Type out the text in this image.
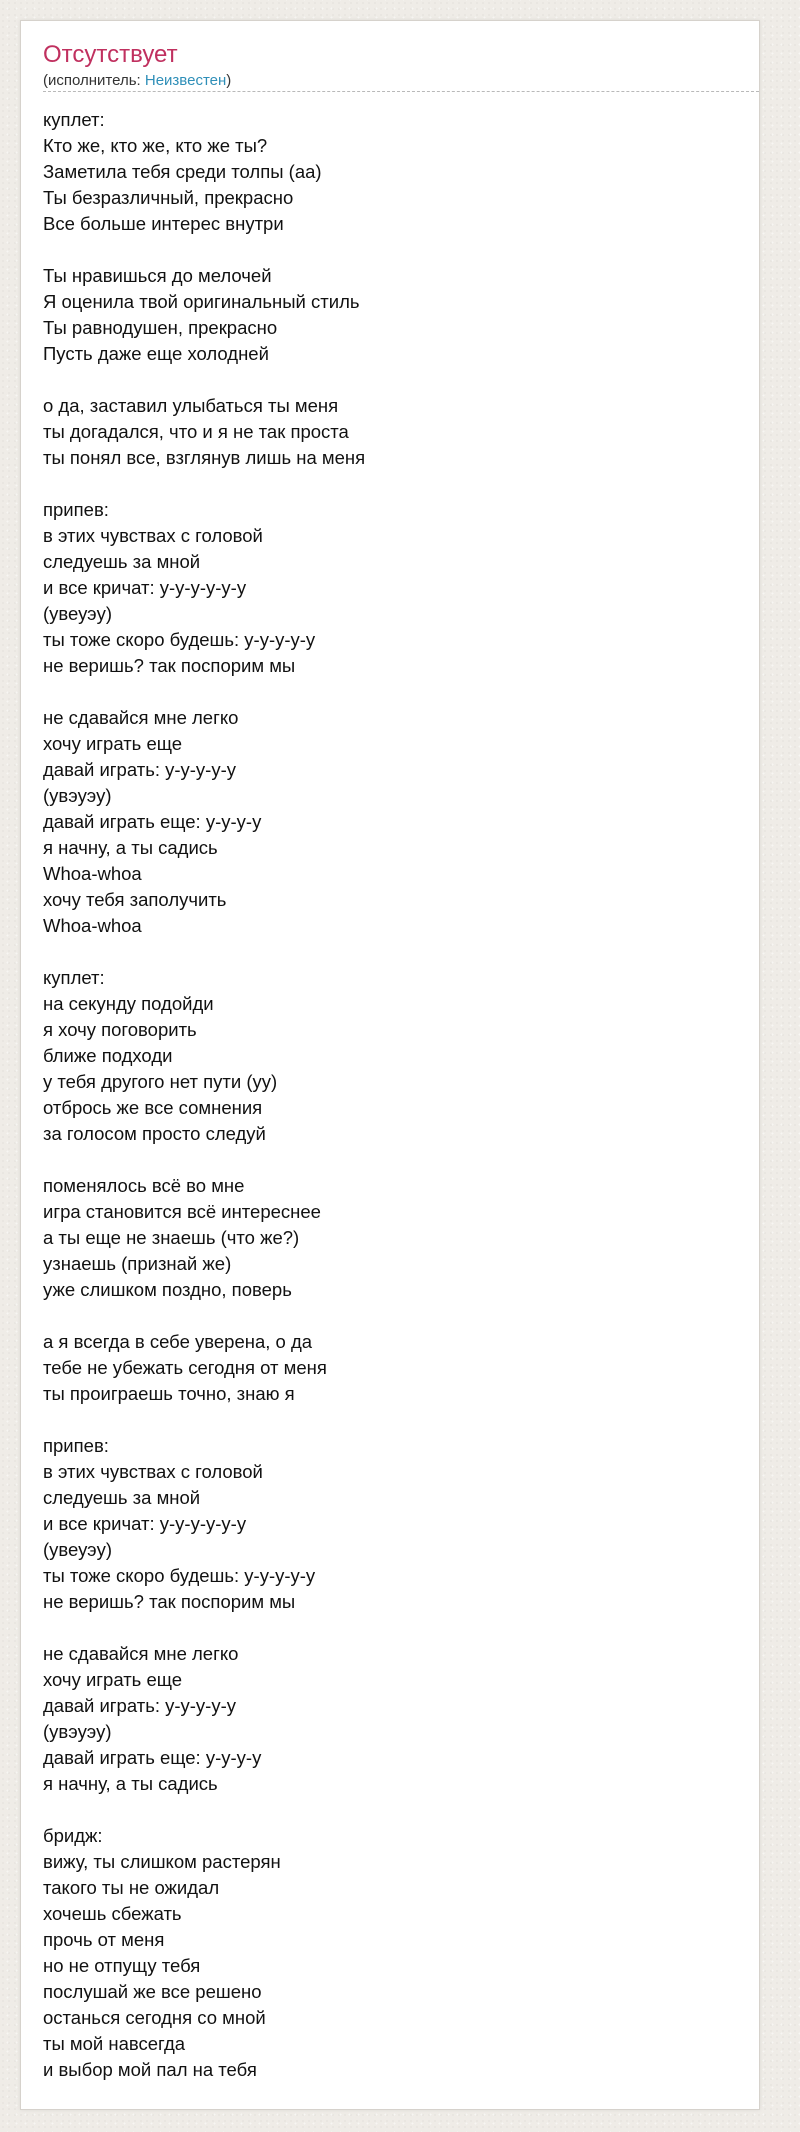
Отсутствует
(исполнитель: Неизвестен)
куплет:
Кто же, кто же, кто же ты?
Заметила тебя среди толпы (аа)
Ты безразличный, прекрасно
Все больше интерес внутри
Ты нравишься до мелочей
Я оценила твой оригинальный стиль
Ты равнодушен, прекрасно
Пусть даже еще холодней
о да, заставил улыбаться ты меня
ты догадался, что и я не так проста
ты понял все, взглянув лишь на меня
припев:
в этих чувствах с головой
следуешь за мной
и все кричат: у-у-у-у-у-у
(увеуэу)
ты тоже скоро будешь: у-у-у-у-у
не веришь? так поспорим мы
не сдавайся мне легко
хочу играть еще
давай играть: у-у-у-у-у
(увэуэу)
давай играть еще: у-у-у-у
я начну, а ты садись
Whoa-whoa
хочу тебя заполучить
Whoa-whoa
куплет:
на секунду подойди
я хочу поговорить
ближе подходи
у тебя другого нет пути (уу)
отбрось же все сомнения
за голосом просто следуй
поменялось всё во мне
игра становится всё интереснее
а ты еще не знаешь (что же?)
узнаешь (признай же)
уже слишком поздно, поверь
а я всегда в себе уверена, о да
тебе не убежать сегодня от меня
ты проиграешь точно, знаю я
припев:
в этих чувствах с головой
следуешь за мной
и все кричат: у-у-у-у-у-у
(увеуэу)
ты тоже скоро будешь: у-у-у-у-у
не веришь? так поспорим мы
не сдавайся мне легко
хочу играть еще
давай играть: у-у-у-у-у
(увэуэу)
давай играть еще: у-у-у-у
я начну, а ты садись
бридж:
вижу, ты слишком растерян
такого ты не ожидал
хочешь сбежать
прочь от меня
но не отпущу тебя
послушай же все решено
останься сегодня со мной
ты мой навсегда
и выбор мой пал на тебя
